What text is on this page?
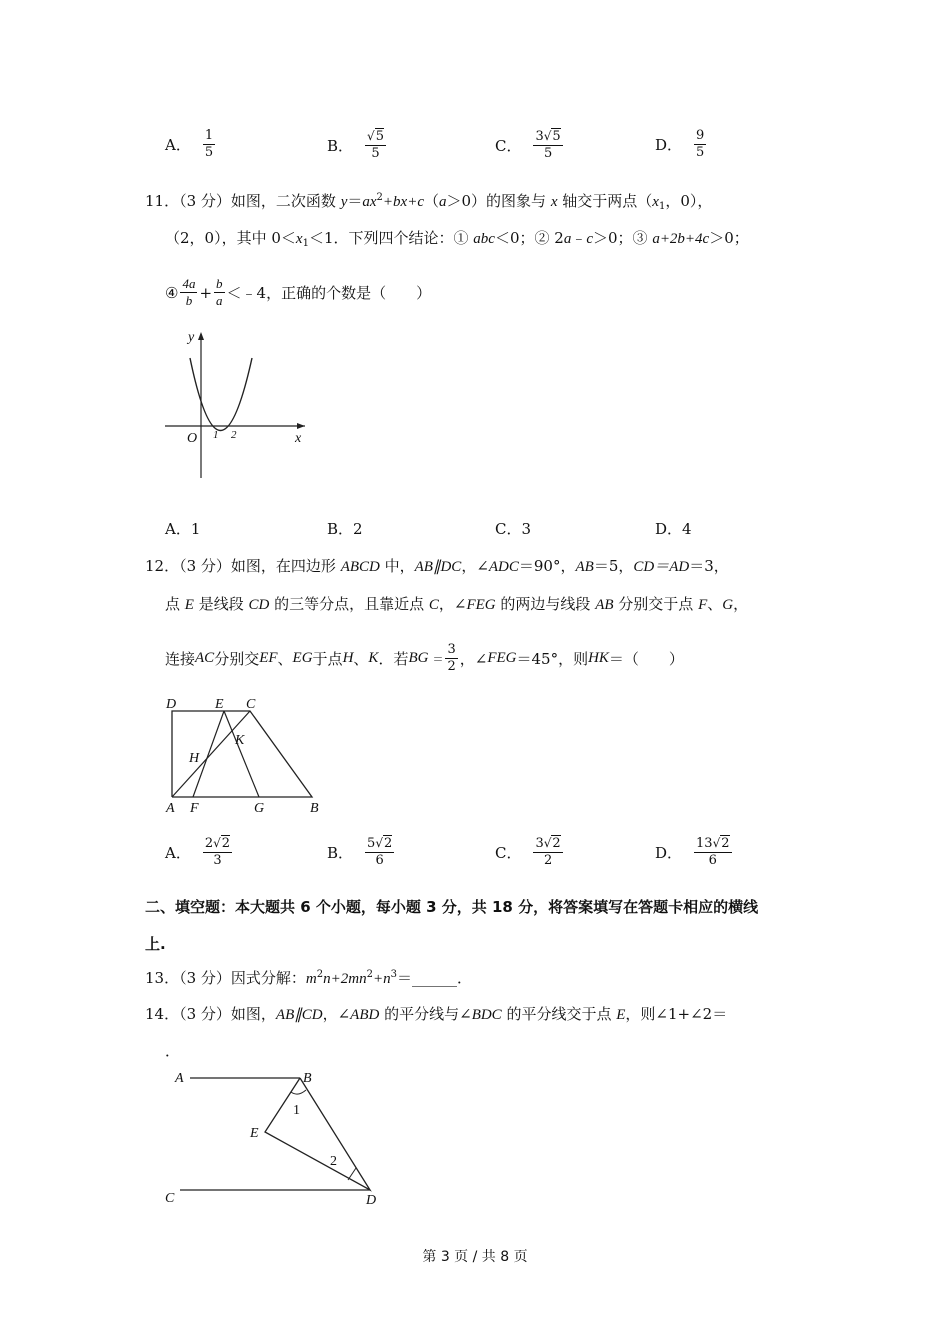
A． $\frac{1}{5}$	B． $\frac{√5}{5}$	C． $\frac{3√5}{5}$	D． $\frac{9}{5}$
11．（3 分）如图，二次函数 $y=ax^2+bx+c(a>0)$的图象与 x 轴交于两点（$x_1$，0），
（2，0），其中 $0<x_1<1$．下列四个结论：① abc＜0；② 2a﹣c＞0；③ a+2b+4c＞0；
④ $\frac{4a}{b} + \frac{b}{a}$ ＜﹣4，正确的个数是（　　）
y
x
O 1 2
A．1	B．2	C．3	D．4
12．（3 分）如图，在四边形 ABCD 中，AB∥DC，∠ADC＝90°，AB＝5，CD＝AD＝3，
点 E 是线段 CD 的三等分点，且靠近点 C，∠FEG 的两边与线段 AB 分别交于点 F、G，
连接 AC 分别交 EF 、 EG 于点 H 、 K ．若 BG ＝ $\frac{3}{2}$ ，∠ FEG ＝45°，则 HK ＝（　　）
D	E C
H
K
A F	G	B
A． $\frac{2√2}{3}$	B． $\frac{5√2}{6}$	C． $\frac{3√2}{2}$	D． $\frac{13√2}{6}$
二、填空题：本大题共 6 个小题，每小题 3 分，共 18 分，将答案填写在答题卡相应的横线
上.
13．（3 分）因式分解：$m^2n+2mn^2+n^3=\_\_\_\_\_\_$．
14．（3 分）如图，AB∥CD，∠ABD 的平分线与∠BDC 的平分线交于点 E，则∠1+∠2＝
．
A	B
E
C	D
1
2
第 3 页 / 共 8 页
